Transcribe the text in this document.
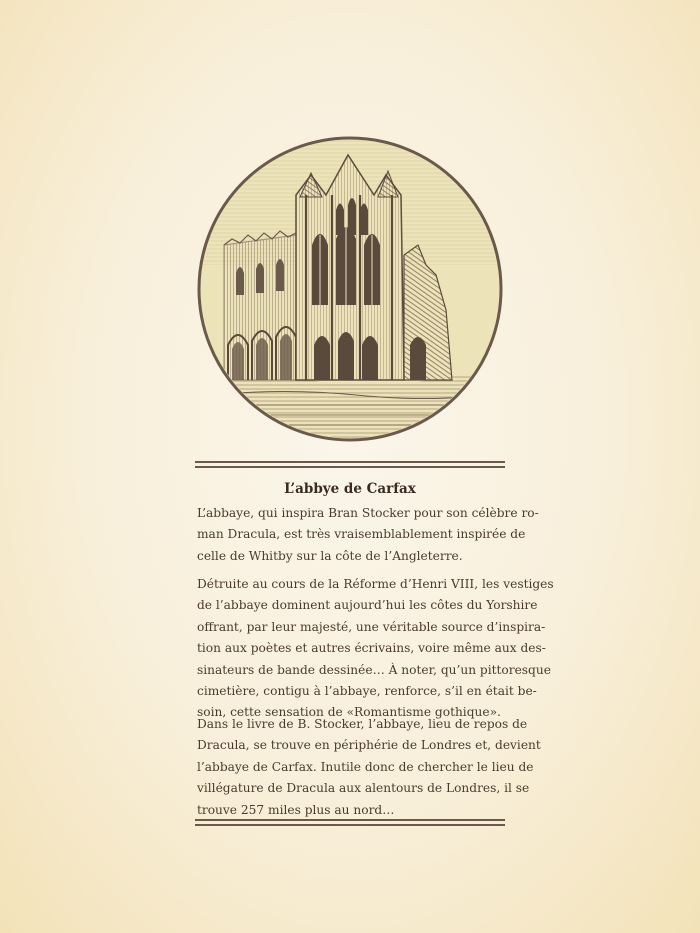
L’abbye de Carfax

L’abbaye, qui inspira Bran Stocker pour son célèbre ro-
man Dracula, est très vraisemblablement inspirée de
celle de Whitby sur la côte de l’Angleterre.

Détruite au cours de la Réforme d’Henri VIII, les vestiges
de l’abbaye dominent aujourd’hui les côtes du Yorshire
offrant, par leur majesté, une véritable source d’inspira-
tion aux poètes et autres écrivains, voire même aux des-
sinateurs de bande dessinée… À noter, qu’un pittoresque
cimetière, contigu à l’abbaye, renforce, s’il en était be-
soin, cette sensation de «Romantisme gothique».

Dans le livre de B. Stocker, l’abbaye, lieu de repos de
Dracula, se trouve en périphérie de Londres et, devient
l’abbaye de Carfax. Inutile donc de chercher le lieu de
villégature de Dracula aux alentours de Londres, il se
trouve 257 miles plus au nord…
